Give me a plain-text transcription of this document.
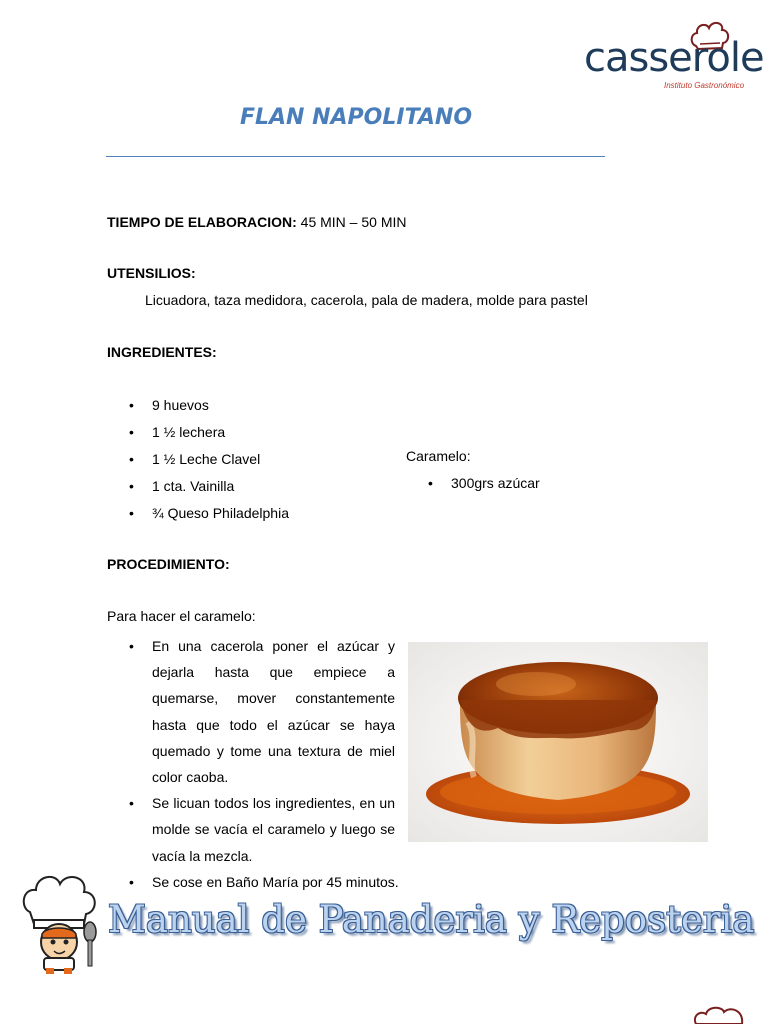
casserole
Instituto Gastronómico
FLAN NAPOLITANO
TIEMPO DE ELABORACION: 45 MIN – 50 MIN
UTENSILIOS:
Licuadora, taza medidora, cacerola, pala de madera, molde para pastel
INGREDIENTES:
• 9 huevos
• 1 ½ lechera
• 1 ½ Leche Clavel
• 1 cta. Vainilla
• ¾ Queso Philadelphia
Caramelo:
• 300grs azúcar
PROCEDIMIENTO:
Para hacer el caramelo:
• En una cacerola poner el azúcar y dejarla hasta que empiece a quemarse, mover constantemente hasta que todo el azúcar se haya quemado y tome una textura de miel color caoba.
• Se licuan todos los ingredientes, en un molde se vacía el caramelo y luego se vacía la mezcla.
• Se cose en Baño María por 45 minutos.
Manual de Panaderia y Reposteria
